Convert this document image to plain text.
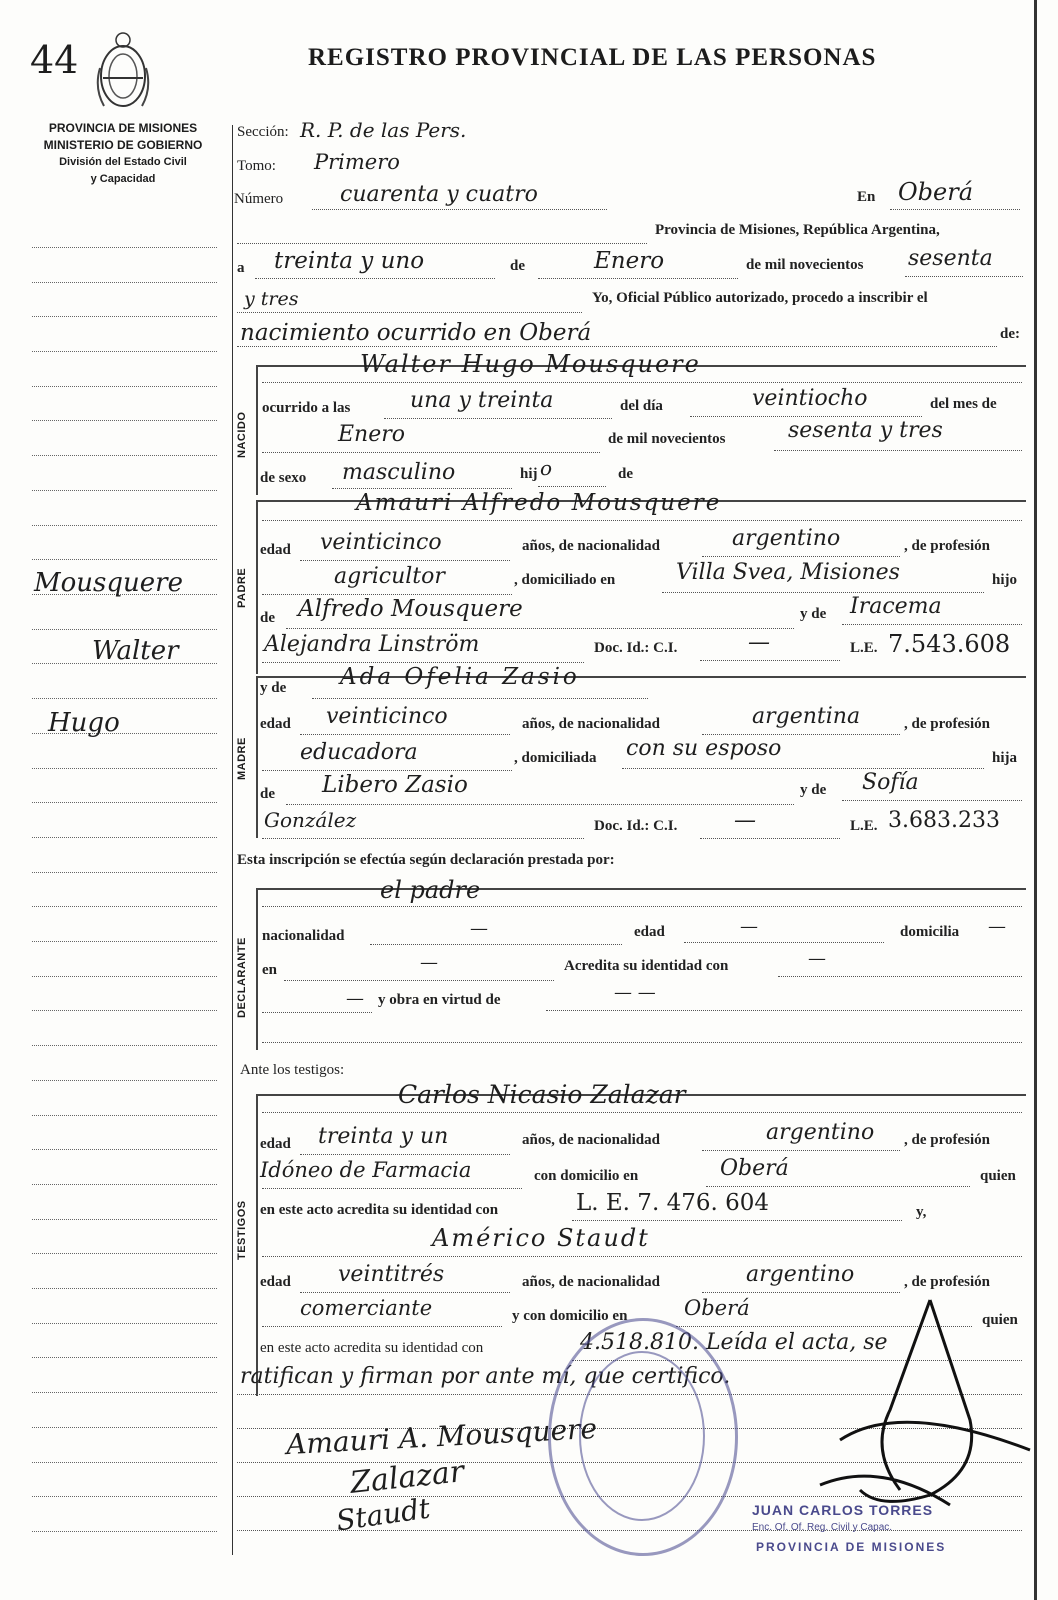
44	REGISTRO PROVINCIAL DE LAS PERSONAS
PROVINCIA DE MISIONES
MINISTERIO DE GOBIERNO
División del Estado Civil
y Capacidad
Mousquere
Walter
Hugo
Sección: R. P. de las Pers.
Tomo: Primero
Número	cuarenta y cuatro	En Oberá
Provincia de Misiones, República Argentina,
a treinta y uno	de	Enero	de mil novecientos sesenta
y tres	Yo, Oficial Público autorizado, procedo a inscribir el
nacimiento ocurrido en Oberá	de:
NACIDO
Walter Hugo Mousquere
ocurrido a las	una y treinta	del día	veintiocho	del mes de
Enero	de mil novecientos	sesenta y tres
de sexo masculino	hij o	de
PADRE
Amauri Alfredo Mousquere
edad veinticinco	años, de nacionalidad	argentino	, de profesión
agricultor	, domiciliado en	Villa Svea, Misiones	hijo
de Alfredo Mousquere	y de Iracema
Alejandra Linström	Doc. Id.: C.I.	—	L.E. 7.543.608
MADRE
y de Ada Ofelia Zasio
edad veinticinco	años, de nacionalidad	argentina	, de profesión
educadora	, domiciliada con su esposo	hija
de Libero Zasio	y de Sofía
González	Doc. Id.: C.I.	—	L.E. 3.683.233
Esta inscripción se efectúa según declaración prestada por:
DECLARANTE
el padre
nacionalidad	—	edad	—	domicilia —
en	—	Acredita su identidad con	—
— y obra en virtud de	— —
Ante los testigos:
TESTIGOS
Carlos Nicasio Zalazar
edad treinta y un	años, de nacionalidad	argentino , de profesión
Idóneo de Farmacia	con domicilio en	Oberá	quien
en este acto acredita su identidad con	L. E. 7. 476. 604	y,
Américo Staudt
edad veintitrés	años, de nacionalidad	argentino	, de profesión
comerciante	y con domicilio en	Oberá	quien
en este acto acredita su identidad con	4.518.810. Leída el acta, se
ratifican y firman por ante mí, que certifico.
Amauri A. Mousquere
Zalazar
Staudt	JUAN CARLOS TORRES
Enc. Of. Of. Reg. Civil y Capac.
PROVINCIA DE MISIONES
